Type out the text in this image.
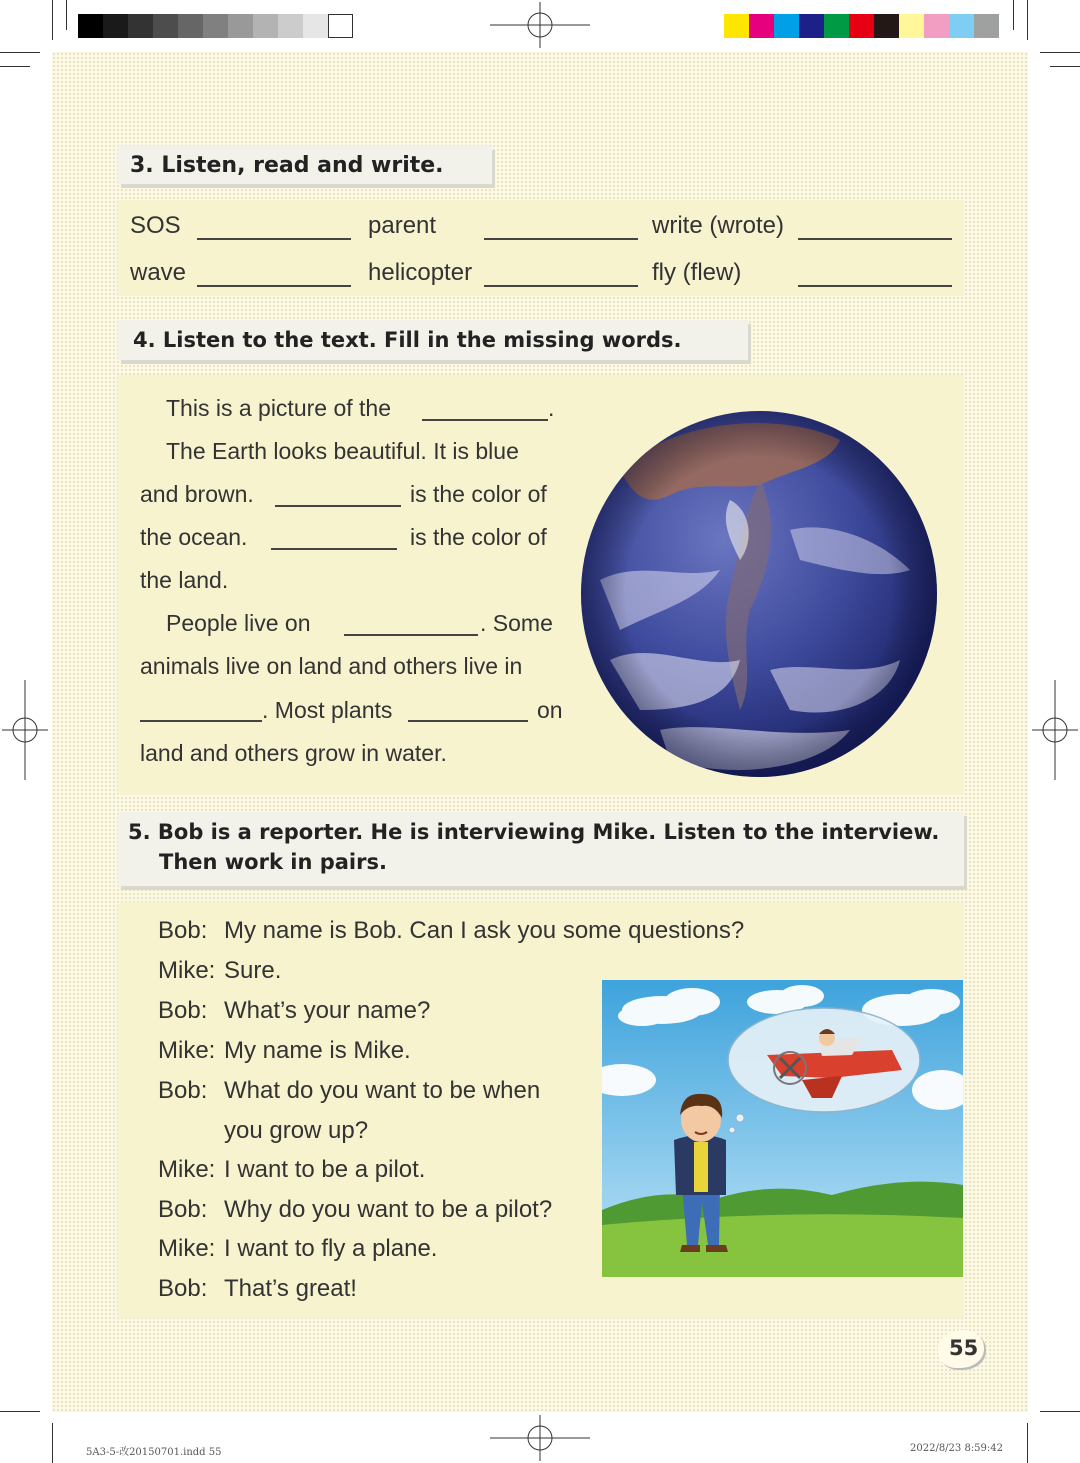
3. Listen, read and write.
SOS	parent	write (wrote)
wave	helicopter	fly (flew)
4. Listen to the text. Fill in the missing words.
This is a picture of the	.
The Earth looks beautiful. It is blue
and brown.	is the color of
the ocean.	is the color of
the land.
People live on	. Some
animals live on land and others live in
. Most plants	on
land and others grow in water.
5. Bob is a reporter. He is interviewing Mike. Listen to the interview.
Then work in pairs.
Bob: My name is Bob. Can I ask you some questions?
Mike: Sure.
Bob: What’s your name?
Mike: My name is Mike.
Bob: What do you want to be when
you grow up?
Mike: I want to be a pilot.
Bob: Why do you want to be a pilot?
Mike: I want to fly a plane.
Bob: That’s great!
55
5A3-5-改20150701.indd 55	2022/8/23 8:59:42
